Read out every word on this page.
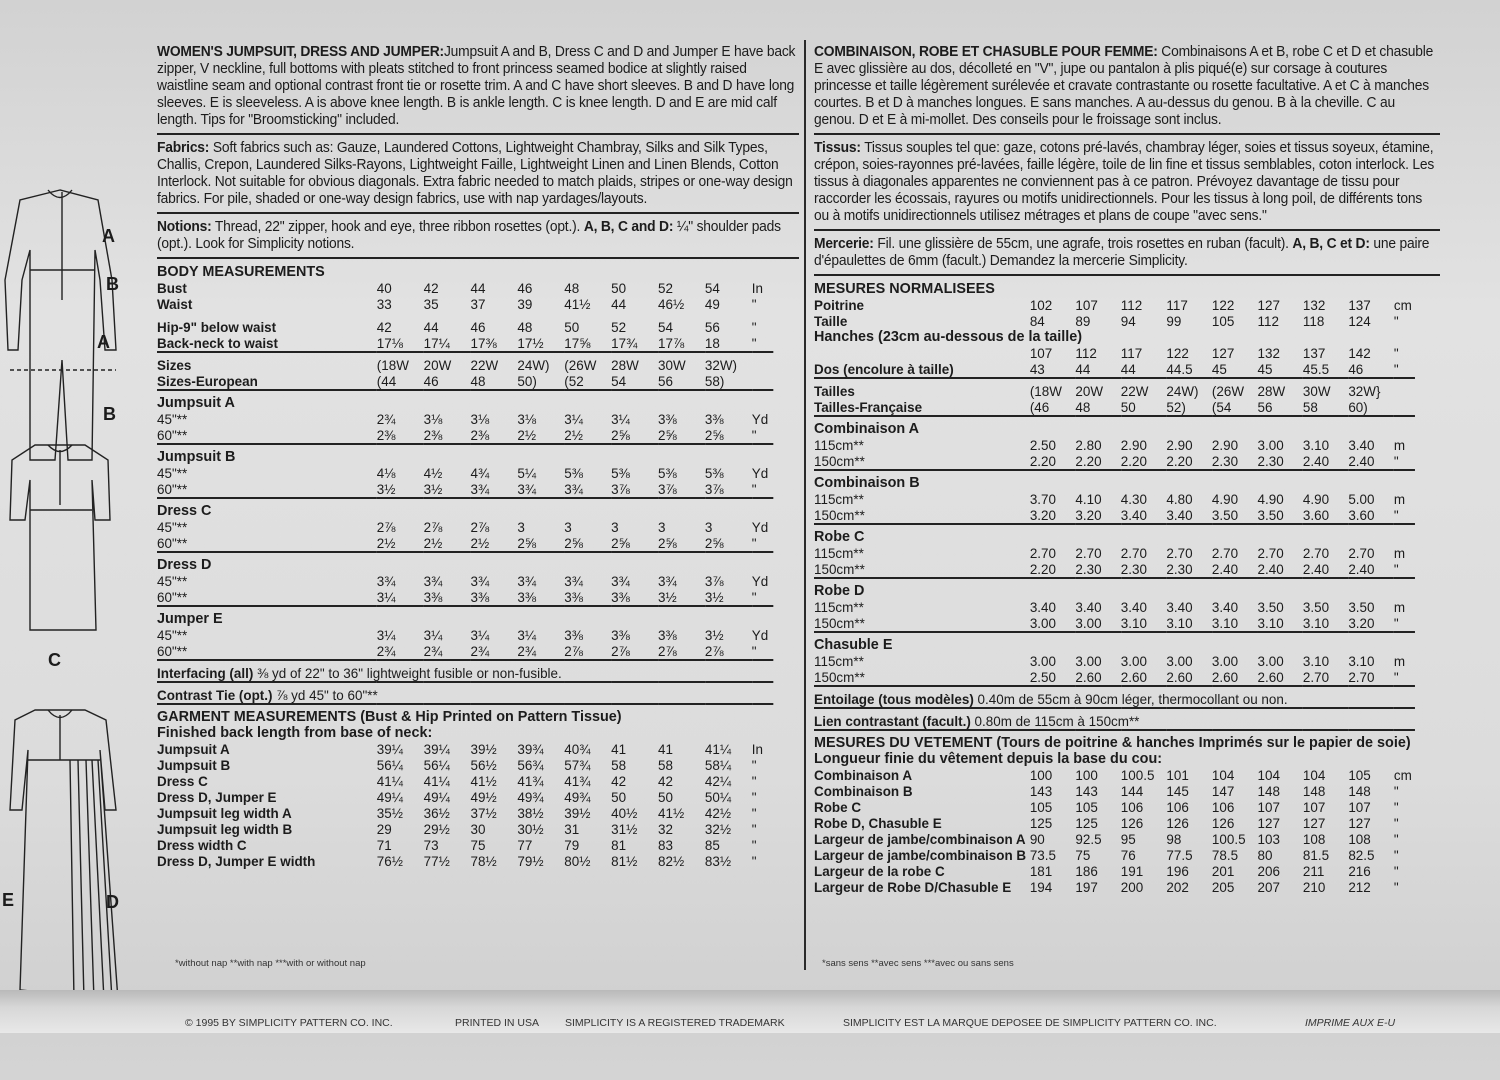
A
B
A
B
C
E	D

WOMEN'S JUMPSUIT, DRESS AND JUMPER:Jumpsuit A and B, Dress C and D and Jumper E have back zipper, V neckline, full bottoms with pleats stitched to front princess seamed bodice at slightly raised waistline seam and optional contrast front tie or rosette trim. A and C have short sleeves. B and D have long sleeves. E is sleeveless. A is above knee length. B is ankle length. C is knee length. D and E are mid calf length. Tips for "Broomsticking" included.

Fabrics: Soft fabrics such as: Gauze, Laundered Cottons, Lightweight Chambray, Silks and Silk Types, Challis, Crepon, Laundered Silks-Rayons, Lightweight Faille, Lightweight Linen and Linen Blends, Cotton Interlock. Not suitable for obvious diagonals. Extra fabric needed to match plaids, stripes or one-way design fabrics. For pile, shaded or one-way design fabrics, use with nap yardages/layouts.

Notions: Thread, 22" zipper, hook and eye, three ribbon rosettes (opt.). A, B, C and D: ¼" shoulder pads (opt.). Look for Simplicity notions.

BODY MEASUREMENTS									
Bust	40	42	44	46	48	50	52	54	In
Waist	33	35	37	39	41½	44	46½	49	"

Hip-9" below waist	42	44	46	48	50	52	54	56	"
Back-neck to waist	17⅛	17¼	17⅜	17½	17⅝	17¾	17⅞	18	"

Sizes	(18W	20W	22W	24W)	(26W	28W	30W	32W)	
Sizes-European	(44	46	48	50)	(52	54	56	58)	

Jumpsuit A									
45"**	2¾	3⅛	3⅛	3⅛	3¼	3¼	3⅜	3⅜	Yd
60"**	2⅜	2⅜	2⅜	2½	2½	2⅝	2⅝	2⅝	"

Jumpsuit B									
45"**	4⅛	4½	4¾	5¼	5⅜	5⅜	5⅜	5⅜	Yd
60"**	3½	3½	3¾	3¾	3¾	3⅞	3⅞	3⅞	"

Dress C									
45"**	2⅞	2⅞	2⅞	3	3	3	3	3	Yd
60"**	2½	2½	2½	2⅝	2⅝	2⅝	2⅝	2⅝	"

Dress D									
45"**	3¾	3¾	3¾	3¾	3¾	3¾	3¾	3⅞	Yd
60"**	3¼	3⅜	3⅜	3⅜	3⅜	3⅜	3½	3½	"

Jumper E									
45"**	3¼	3¼	3¼	3¼	3⅜	3⅜	3⅜	3½	Yd
60"**	2¾	2¾	2¾	2¾	2⅞	2⅞	2⅞	2⅞	"

Interfacing (all) ⅜ yd of 22" to 36" lightweight fusible or non-fusible.									

Contrast Tie (opt.) ⅞ yd 45" to 60"**									

GARMENT MEASUREMENTS (Bust & Hip Printed on Pattern Tissue)									
Finished back length from base of neck:									
Jumpsuit A	39¼	39¼	39½	39¾	40¾	41	41	41¼	In
Jumpsuit B	56¼	56¼	56½	56¾	57¾	58	58	58¼	"
Dress C	41¼	41¼	41½	41¾	41¾	42	42	42¼	"
Dress D, Jumper E	49¼	49¼	49½	49¾	49¾	50	50	50¼	"
Jumpsuit leg width A	35½	36½	37½	38½	39½	40½	41½	42½	"
Jumpsuit leg width B	29	29½	30	30½	31	31½	32	32½	"
Dress width C	71	73	75	77	79	81	83	85	"
Dress D, Jumper E width	76½	77½	78½	79½	80½	81½	82½	83½	"

COMBINAISON, ROBE ET CHASUBLE POUR FEMME: Combinaisons A et B, robe C et D et chasuble E avec glissière au dos, décolleté en "V", jupe ou pantalon à plis piqué(e) sur corsage à coutures princesse et taille légèrement surélevée et cravate contrastante ou rosette facultative. A et C à manches courtes. B et D à manches longues. E sans manches. A au-dessus du genou. B à la cheville. C au genou. D et E à mi-mollet. Des conseils pour le froissage sont inclus.

Tissus: Tissus souples tel que: gaze, cotons pré-lavés, chambray léger, soies et tissus soyeux, étamine, crépon, soies-rayonnes pré-lavées, faille légère, toile de lin fine et tissus semblables, coton interlock. Les tissus à diagonales apparentes ne conviennent pas à ce patron. Prévoyez davantage de tissu pour raccorder les écossais, rayures ou motifs unidirectionnels. Pour les tissus à long poil, de différents tons ou à motifs unidirectionnels utilisez métrages et plans de coupe "avec sens."

Mercerie: Fil. une glissière de 55cm, une agrafe, trois rosettes en ruban (facult). A, B, C et D: une paire d'épaulettes de 6mm (facult.) Demandez la mercerie Simplicity.

MESURES NORMALISEES									
Poitrine	102	107	112	117	122	127	132	137	cm
Taille	84	89	94	99	105	112	118	124	"
Hanches (23cm au-dessous de la taille)									
	107	112	117	122	127	132	137	142	"
Dos (encolure à taille)	43	44	44	44.5	45	45	45.5	46	"

Tailles	(18W	20W	22W	24W)	(26W	28W	30W	32W}	
Tailles-Française	(46	48	50	52)	(54	56	58	60)	

Combinaison A									
115cm**	2.50	2.80	2.90	2.90	2.90	3.00	3.10	3.40	m
150cm**	2.20	2.20	2.20	2.20	2.30	2.30	2.40	2.40	"

Combinaison B									
115cm**	3.70	4.10	4.30	4.80	4.90	4.90	4.90	5.00	m
150cm**	3.20	3.20	3.40	3.40	3.50	3.50	3.60	3.60	"

Robe C									
115cm**	2.70	2.70	2.70	2.70	2.70	2.70	2.70	2.70	m
150cm**	2.20	2.30	2.30	2.30	2.40	2.40	2.40	2.40	"

Robe D									
115cm**	3.40	3.40	3.40	3.40	3.40	3.50	3.50	3.50	m
150cm**	3.00	3.00	3.10	3.10	3.10	3.10	3.10	3.20	"

Chasuble E									
115cm**	3.00	3.00	3.00	3.00	3.00	3.00	3.10	3.10	m
150cm**	2.50	2.60	2.60	2.60	2.60	2.60	2.70	2.70	"

Entoilage (tous modèles) 0.40m de 55cm à 90cm léger, thermocollant ou non.									

Lien contrastant (facult.) 0.80m de 115cm à 150cm**									

MESURES DU VETEMENT (Tours de poitrine & hanches Imprimés sur le papier de soie)									
Longueur finie du vêtement depuis la base du cou:									
Combinaison A	100	100	100.5	101	104	104	104	105	cm
Combinaison B	143	143	144	145	147	148	148	148	"
Robe C	105	105	106	106	106	107	107	107	"
Robe D, Chasuble E	125	125	126	126	126	127	127	127	"
Largeur de jambe/combinaison A	90	92.5	95	98	100.5	103	108	108	"
Largeur de jambe/combinaison B	73.5	75	76	77.5	78.5	80	81.5	82.5	"
Largeur de la robe C	181	186	191	196	201	206	211	216	"
Largeur de Robe D/Chasuble E	194	197	200	202	205	207	210	212	"
*without nap **with nap ***with or without nap	*sans sens **avec sens ***avec ou sans sens
© 1995 BY SIMPLICITY PATTERN CO. INC.	PRINTED IN USA SIMPLICITY IS A REGISTERED TRADEMARK	SIMPLICITY EST LA MARQUE DEPOSEE DE SIMPLICITY PATTERN CO. INC.	IMPRIME AUX E-U
